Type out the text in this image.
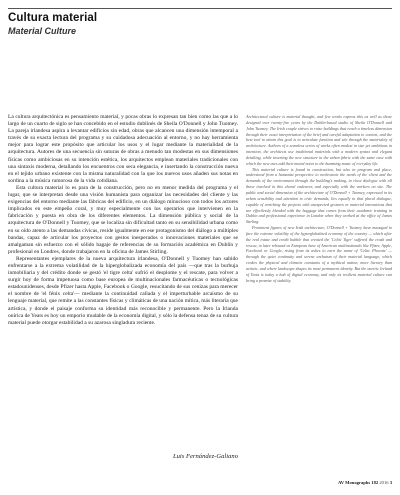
Cultura material
Material Culture

La cultura arquitectónica es pensamiento material, y pocas obras lo expresan tan bien como las que a lo largo de un cuarto de siglo se han concebido en el estudio dublinés de Sheila O'Donnell y John Tuomey. La pareja irlandesa aspira a levantar edificios sin edad, obras que alcancen una dimensión intemporal a través de su exacta lectura del programa y su cuidadosa adecuación al entorno, y no hay herramienta mejor para lograr este propósito que articular los usos y el lugar mediante la materialidad de la arquitectura. Autores de una secuencia sin suturas de obras a menudo tan modestas en sus dimensiones físicas como ambiciosas en su intención estética, los arquitectos emplean materiales tradicionales con una sintaxis moderna, detallando los encuentros con seca elegancia, e insertando la construcción nueva en el tejido urbano existente con la misma naturalidad con la que los nuevos usos añaden sus notas en sordina a la música rumorosa de la vida cotidiana.

Esta cultura material lo es para de la construcción, pero no en menor medida del programa y el lugar, que se interpretan desde una visión humanista para organizar las necesidades del cliente y las exigencias del entorno mediante las fábricas del edificio, en un diálogo minucioso con todos los actores implicados en este empeño coral, y muy especialmente con los operarios que intervienen en la fabricación y puesta en obra de los diferentes elementos. La dimensión pública y social de la arquitectura de O'Donnell y Tuomey, que se localiza sin dificultad tanto en su sensibilidad urbana como en su oído atento a las demandas cívicas, reside igualmente en ese protagonismo del diálogo a múltiples bandas, capaz de articular los proyectos con gestos inesperados o innovaciones materiales que se amalgaman sin esfuerzo con el sólido bagaje de referencias de su formación académica en Dublín y profesional en Londres, donde trabajaron en la oficina de James Stirling.

Representantes ejemplares de la nueva arquitectura irlandesa, O'Donnell y Tuomey han sabido enfrentarse a la extrema volatilidad de la hiperglobalizada economía del país —que tras la burbuja inmobiliaria y del crédito donde se gestó 'el tigre celta' sufrió el desplome y el rescate, para volver a surgir hoy de forma impetuosa como base europea de multinacionales farmacéuticas o tecnológicas estadounidenses, desde Pfizer hasta Apple, Facebook o Google, resucitando de sus cenizas para merecer el nombre de 'el fénix celta'— mediante la continuidad callada y el imperturbable arcaísmo de su lenguaje material, que remite a las constantes físicas y climáticas de una nación mítica, más literaria que artística, y donde el paisaje conforma su identidad más reconocible y permanente. Pero la Irlanda onírica de Yeats es hoy un emporio mudable de la economía digital, y sólo la defensa tenaz de su cultura material puede otorgar estabilidad a su azarosa singladura reciente.

Luis Fernández-Galiano

Architectural culture is material thought, and few works express this as well as those designed over twenty-five years by the Dublin-based studio of Sheila O'Donnell and John Tuomey. The Irish couple strives to raise buildings that reach a timeless dimension through their exact interpretation of the brief and careful adaptation to context, and the best tool to attain this goal is to articulate function and site through the materiality of architecture. Authors of a seamless series of works often modest in size yet ambitious in intention, the architects use traditional materials with a modern syntax and elegant detailing, while inserting the new structure in the urban fabric with the same ease with which the new uses add their muted notes to the humming music of everyday life.

This material culture is found in construction, but also in program and place, understood from a humanist perspective to orchestrate the needs of the client and the demands of the environment through the building's making, in close dialogue with all those involved in this choral endeavor, and especially with the workers on site. The public and social dimension of the architecture of O'Donnell + Tuomey, expressed in its urban sensibility and attention to civic demands, lies equally in that plural dialogue, capable of enriching the projects with unexpected gestures or material innovations that are effortlessly blended with the baggage that comes from their academic training in Dublin and professional experience in London when they worked at the office of James Stirling.

Prominent figures of new Irish architecture, O'Donnell + Tuomey have managed to face the extreme volatility of the hyperglobalized economy of the country — which after the real estate and credit bubble that created the 'Celtic Tiger' suffered the crash and rescue, to later rebound as European base of American multinationals like Pfizer, Apple, Facebook or Google, rising from its ashes to earn the name of 'Celtic Phoenix' — through the quiet continuity and serene archaism of their material language, which evokes the physical and climatic constants of a mythical nation, more literary than artistic, and where landscape shapes its most permanent identity. But the oneiric Ireland of Yeats is today a hub of digital economy, and only its resilient material culture can bring a promise of stability.

AV Monographs 182 2016 3
